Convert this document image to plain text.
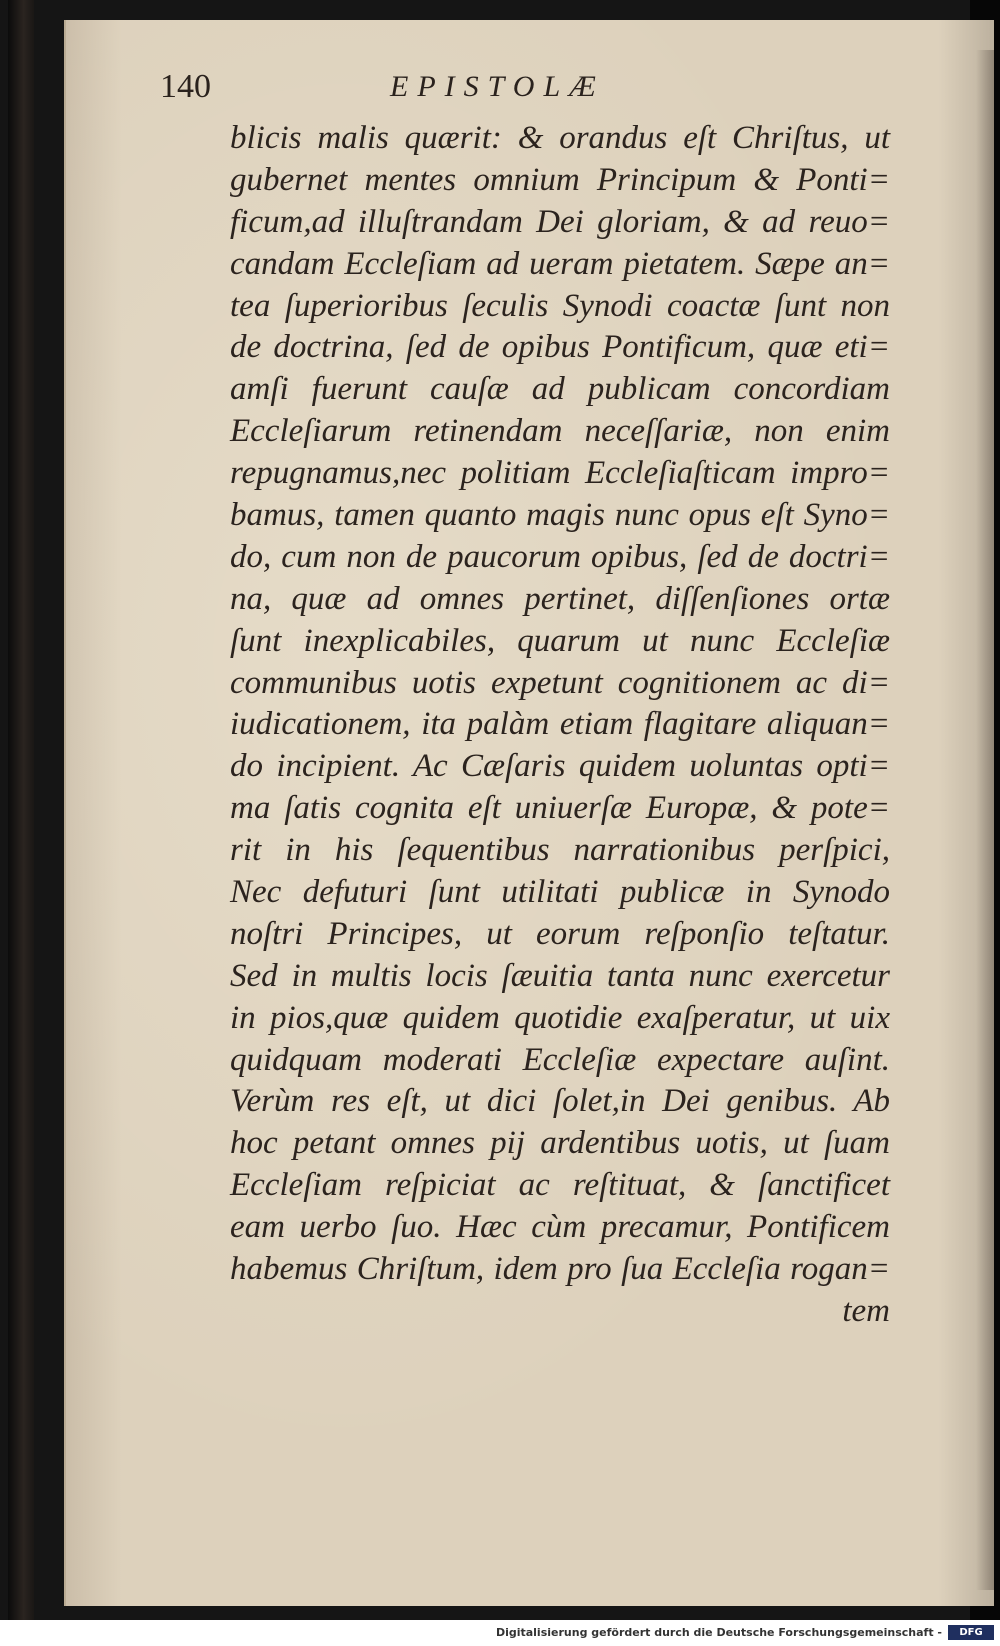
140	EPISTOLÆ
blicis malis quærit: & orandus eſt Chriſtus, ut
gubernet mentes omnium Principum & Ponti=
ficum,ad illuſtrandam Dei gloriam, & ad reuo=
candam Eccleſiam ad ueram pietatem. Sæpe an=
tea ſuperioribus ſeculis Synodi coactæ ſunt non
de doctrina, ſed de opibus Pontificum, quæ eti=
amſi fuerunt cauſæ ad publicam concordiam
Eccleſiarum retinendam neceſſariæ, non enim
repugnamus,nec politiam Eccleſiaſticam impro=
bamus, tamen quanto magis nunc opus eſt Syno=
do, cum non de paucorum opibus, ſed de doctri=
na, quæ ad omnes pertinet, diſſenſiones ortæ
ſunt inexplicabiles, quarum ut nunc Eccleſiæ
communibus uotis expetunt cognitionem ac di=
iudicationem, ita palàm etiam flagitare aliquan=
do incipient. Ac Cæſaris quidem uoluntas opti=
ma ſatis cognita eſt uniuerſæ Europæ, & pote=
rit in his ſequentibus narrationibus perſpici,
Nec defuturi ſunt utilitati publicæ in Synodo
noſtri Principes, ut eorum reſponſio teſtatur.
Sed in multis locis ſæuitia tanta nunc exercetur
in pios,quæ quidem quotidie exaſperatur, ut uix
quidquam moderati Eccleſiæ expectare auſint.
Verùm res eſt, ut dici ſolet,in Dei genibus. Ab
hoc petant omnes pij ardentibus uotis, ut ſuam
Eccleſiam reſpiciat ac reſtituat, & ſanctificet
eam uerbo ſuo. Hæc cùm precamur, Pontificem
habemus Chriſtum, idem pro ſua Eccleſia rogan=
tem
Digitalisierung gefördert durch die Deutsche Forschungsgemeinschaft -	DFG
